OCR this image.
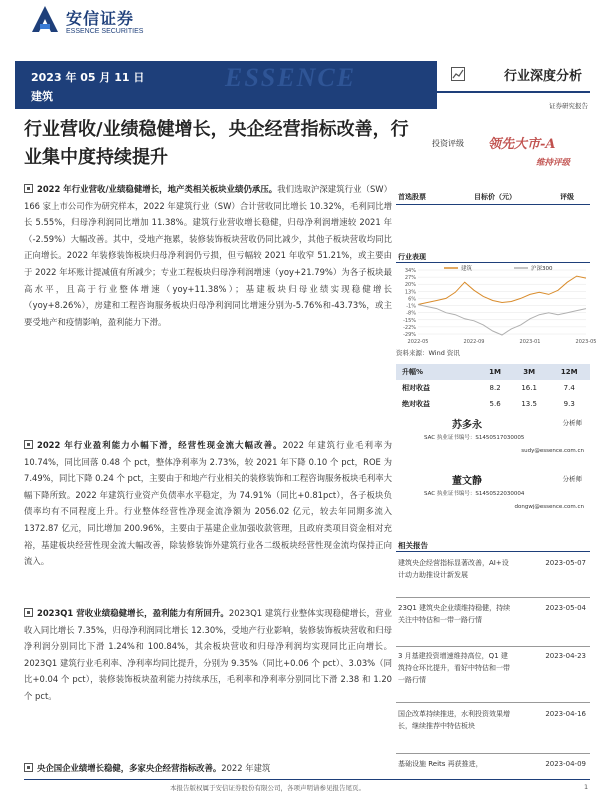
安信证券
ESSENCE SECURITIES
ESSENCE
2023 年 05 月 11 日
建筑
行业深度分析
证券研究报告
行业营收/业绩稳健增长，央企经营指标改善，行业集中度持续提升
投资评级 领先大市-A
维持评级
2022 年行业营收/业绩稳健增长，地产类相关板块业绩仍承压。我们选取沪深建筑行业（SW）166 家上市公司作为研究样本，2022 年建筑行业（SW）合计营收同比增长 10.32%，毛利同比增长 5.55%，归母净利润同比增加 11.38%。建筑行业营收增长稳健，归母净利润增速较 2021 年（-2.59%）大幅改善。其中，受地产拖累，装修装饰板块营收仍同比减少，其他子板块营收均同比正向增长。2022 年装修装饰板块归母净利润仍亏损，但亏幅较 2021 年收窄 51.21%，或主要由于 2022 年坏账计提减值有所减少；专业工程板块归母净利润增速（yoy+21.79%）为各子板块最高水平，且高于行业整体增速（yoy+11.38%）；基建板块归母业绩实现稳健增长（yoy+8.26%），房建和工程咨询服务板块归母净利润同比增速分别为-5.76%和-43.73%，或主要受地产和疫情影响，盈利能力下滑。
2022 年行业盈利能力小幅下滑，经营性现金流大幅改善。2022 年建筑行业毛利率为 10.74%，同比回落 0.48 个 pct，整体净利率为 2.73%，较 2021 年下降 0.10 个 pct，ROE 为 7.49%，同比下降 0.24 个 pct，主要由于和地产行业相关的装修装饰和工程咨询服务板块毛利率大幅下降所致。2022 年建筑行业资产负债率水平稳定，为 74.91%（同比+0.81pct），各子板块负债率均有不同程度上升。行业整体经营性净现金流净额为 2056.02 亿元，较去年同期多流入 1372.87 亿元，同比增加 200.96%，主要由于基建企业加强收款管理，且政府类项目资金相对充裕，基建板块经营性现金流大幅改善，除装修装饰外建筑行业各二级板块经营性现金流均保持正向流入。
2023Q1 营收业绩稳健增长，盈利能力有所回升。2023Q1 建筑行业整体实现稳健增长，营业收入同比增长 7.35%，归母净利润同比增长 12.30%，受地产行业影响，装修装饰板块营收和归母净利润分别同比下滑 1.24%和 100.84%，其余板块营收和归母净利润均实现同比正向增长。2023Q1 建筑行业毛利率、净利率均同比提升，分别为 9.35%（同比+0.06 个 pct）、3.03%（同比+0.04 个 pct），装修装饰板块盈利能力持续承压，毛利率和净利率分别同比下滑 2.38 和 1.20 个 pct。
央企国企业绩增长稳健，多家央企经营指标改善。2022 年建筑
首选股票	目标价（元）	评级
行业表现
34%
27%
20%
13%
6%
-1%
-8%
-15%
-22%
-29%
2022-05	2022-09	2023-01	2023-05
建筑	沪深300
资料来源：Wind 资讯
升幅%	1M	3M	12M
相对收益	8.2	16.1	7.4
绝对收益	5.6	13.5	9.3
苏多永	分析师
SAC 执业证书编号：S1450517030005
sudy@essence.com.cn
董文静	分析师
SAC 执业证书编号：S1450522030004
dongwj@essence.com.cn
相关报告
建筑央企经营指标显著改善，AI+设计动力助推设计新发展
2023-05-07
23Q1 建筑央企业绩维持稳健，持续关注中特估和一带一路行情
2023-05-04
3 月基建投资增速维持高位，Q1 建筑持仓环比提升，看好中特估和一带一路行情
2023-04-23
国企改革持续推进，水利投资效果增长，继续推荐中特估板块
2023-04-16
基础设施 Reits 再获推进，	2023-04-09
本报告版权属于安信证券股份有限公司，各项声明请参见报告尾页。	1
